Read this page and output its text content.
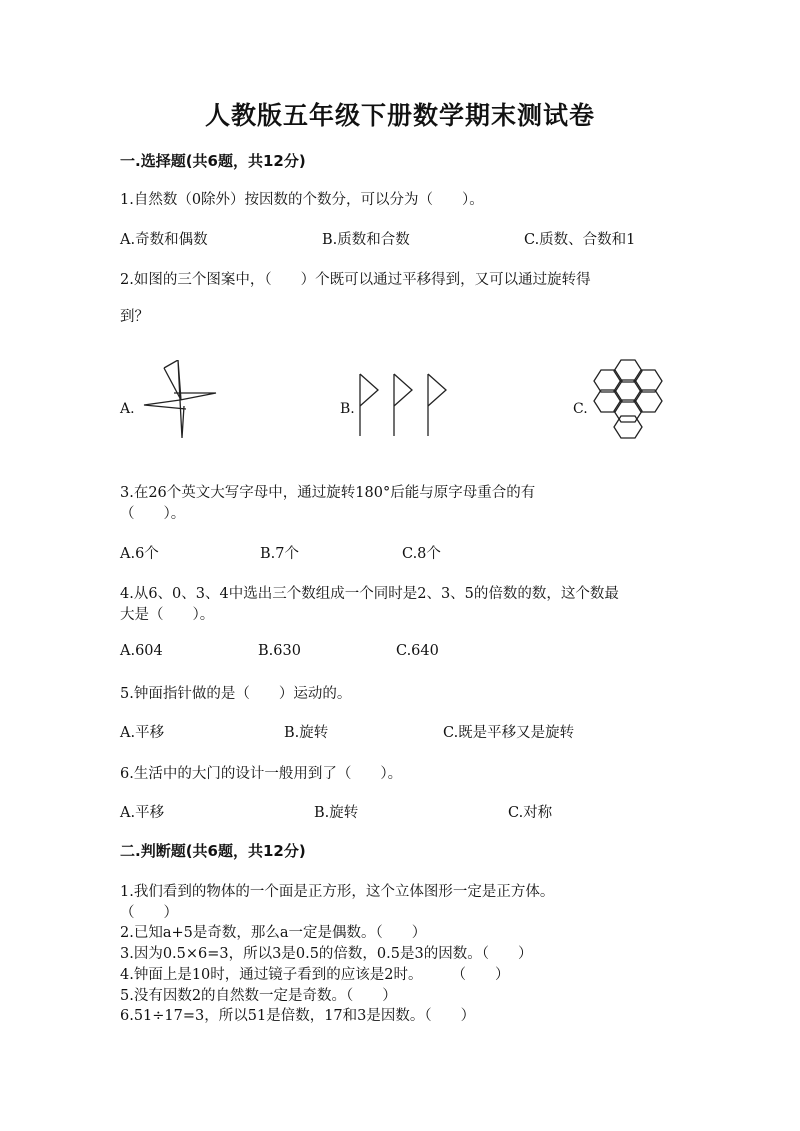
人教版五年级下册数学期末测试卷
一.选择题(共6题，共12分)
1.自然数（0除外）按因数的个数分，可以分为（　　）。
A.奇数和偶数	B.质数和合数	C.质数、合数和1
2.如图的三个图案中，（　　）个既可以通过平移得到，又可以通过旋转得
到？
A.	B.	C.
3.在26个英文大写字母中，通过旋转180°后能与原字母重合的有
（　　）。
A.6个	B.7个	C.8个
4.从6、0、3、4中选出三个数组成一个同时是2、3、5的倍数的数，这个数最
大是（　　）。
A.604	B.630	C.640
5.钟面指针做的是（　　）运动的。
A.平移	B.旋转	C.既是平移又是旋转
6.生活中的大门的设计一般用到了（　　）。
A.平移	B.旋转	C.对称
二.判断题(共6题，共12分)
1.我们看到的物体的一个面是正方形，这个立体图形一定是正方体。
（　　）
2.已知a+5是奇数，那么a一定是偶数。（　　）
3.因为0.5×6=3，所以3是0.5的倍数，0.5是3的因数。（　　）
4.钟面上是10时，通过镜子看到的应该是2时。　　　（　　）
5.没有因数2的自然数一定是奇数。（　　）
6.51÷17=3，所以51是倍数，17和3是因数。（　　）
